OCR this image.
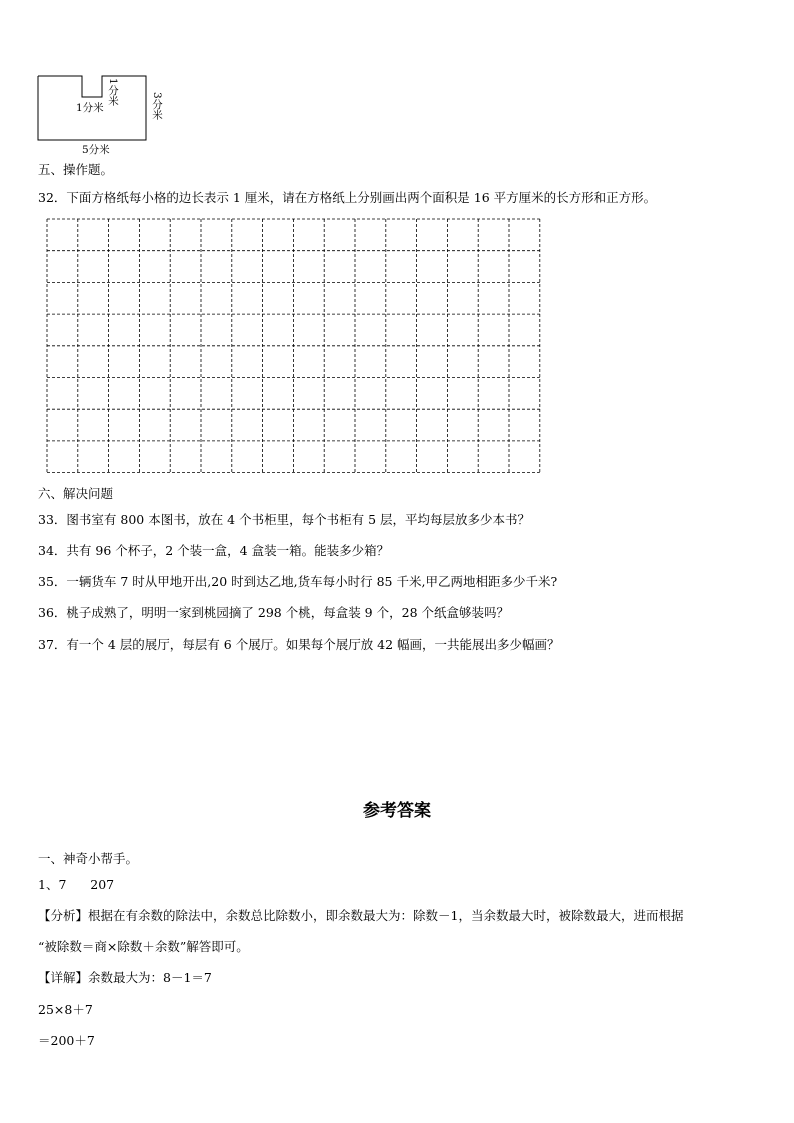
1分米
1分米
3分米
5分米
五、操作题。
32．下面方格纸每小格的边长表示 1 厘米，请在方格纸上分别画出两个面积是 16 平方厘米的长方形和正方形。
六、解决问题
33．图书室有 800 本图书，放在 4 个书柜里，每个书柜有 5 层，平均每层放多少本书？
34．共有 96 个杯子，2 个装一盒，4 盒装一箱。能装多少箱？
35．一辆货车 7 时从甲地开出,20 时到达乙地,货车每小时行 85 千米,甲乙两地相距多少千米?
36．桃子成熟了，明明一家到桃园摘了 298 个桃，每盒装 9 个，28 个纸盒够装吗？
37．有一个 4 层的展厅，每层有 6 个展厅。如果每个展厅放 42 幅画，一共能展出多少幅画？
参考答案
一、神奇小帮手。
1、7      207
【分析】根据在有余数的除法中，余数总比除数小，即余数最大为：除数－1，当余数最大时，被除数最大，进而根据
“被除数＝商×除数＋余数”解答即可。
【详解】余数最大为：8－1＝7
25×8＋7
＝200＋7
